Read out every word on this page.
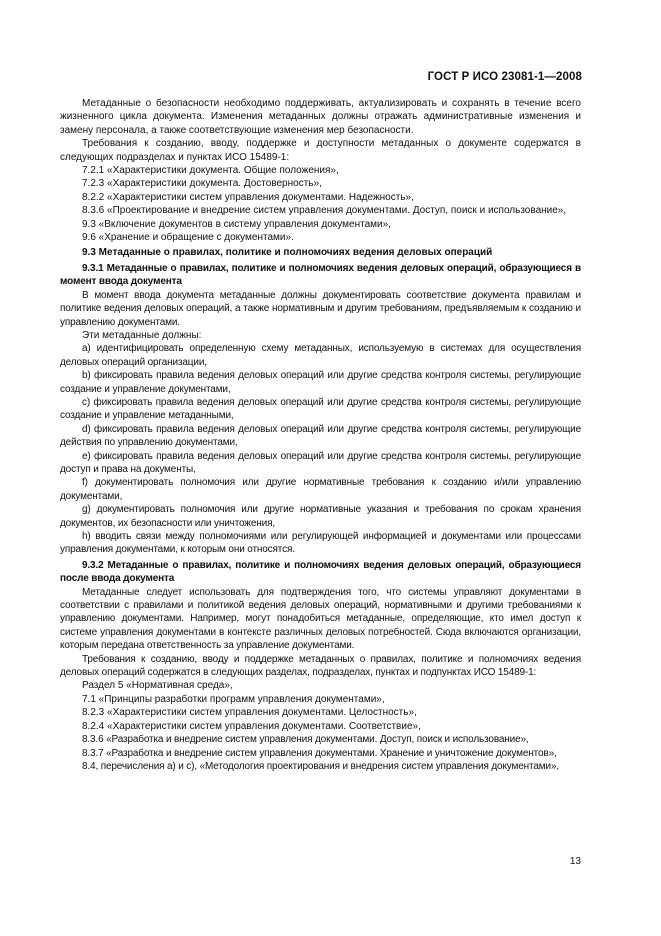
ГОСТ Р ИСО 23081-1—2008

Метаданные о безопасности необходимо поддерживать, актуализировать и сохранять в течение всего жизненного цикла документа. Изменения метаданных должны отражать административные изменения и замену персонала, а также соответствующие изменения мер безопасности.

Требования к созданию, вводу, поддержке и доступности метаданных о документе содержатся в следующих подразделах и пунктах ИСО 15489-1:

7.2.1 «Характеристики документа. Общие положения»,

7.2.3 «Характеристики документа. Достоверность»,

8.2.2 «Характеристики систем управления документами. Надежность»,

8.3.6 «Проектирование и внедрение систем управления документами. Доступ, поиск и использование»,

9.3 «Включение документов в систему управления документами»,

9.6 «Хранение и обращение с документами».

9.3 Метаданные о правилах, политике и полномочиях ведения деловых операций

9.3.1 Метаданные о правилах, политике и полномочиях ведения деловых операций, образующиеся в момент ввода документа

В момент ввода документа метаданные должны документировать соответствие документа правилам и политике ведения деловых операций, а также нормативным и другим требованиям, предъявляемым к созданию и управлению документами.

Эти метаданные должны:

a) идентифицировать определенную схему метаданных, используемую в системах для осуществления деловых операций организации,

b) фиксировать правила ведения деловых операций или другие средства контроля системы, регулирующие создание и управление документами,

c) фиксировать правила ведения деловых операций или другие средства контроля системы, регулирующие создание и управление метаданными,

d) фиксировать правила ведения деловых операций или другие средства контроля системы, регулирующие действия по управлению документами,

e) фиксировать правила ведения деловых операций или другие средства контроля системы, регулирующие доступ и права на документы,

f) документировать полномочия или другие нормативные требования к созданию и/или управлению документами,

g) документировать полномочия или другие нормативные указания и требования по срокам хранения документов, их безопасности или уничтожения,

h) вводить связи между полномочиями или регулирующей информацией и документами или процессами управления документами, к которым они относятся.

9.3.2 Метаданные о правилах, политике и полномочиях ведения деловых операций, образующиеся после ввода документа

Метаданные следует использовать для подтверждения того, что системы управляют документами в соответствии с правилами и политикой ведения деловых операций, нормативными и другими требованиями к управлению документами. Например, могут понадобиться метаданные, определяющие, кто имел доступ к системе управления документами в контексте различных деловых потребностей. Сюда включаются организации, которым передана ответственность за управление документами.

Требования к созданию, вводу и поддержке метаданных о правилах, политике и полномочиях ведения деловых операций содержатся в следующих разделах, подразделах, пунктах и подпунктах ИСО 15489-1:

Раздел 5 «Нормативная среда»,

7.1 «Принципы разработки программ управления документами»,

8.2.3 «Характеристики систем управления документами. Целостность»,

8.2.4 «Характеристики систем управления документами. Соответствие»,

8.3.6 «Разработка и внедрение систем управления документами. Доступ, поиск и использование»,

8.3.7 «Разработка и внедрение систем управления документами. Хранение и уничтожение документов»,

8.4, перечисления а) и с), «Методология проектирования и внедрения систем управления документами»,

13
